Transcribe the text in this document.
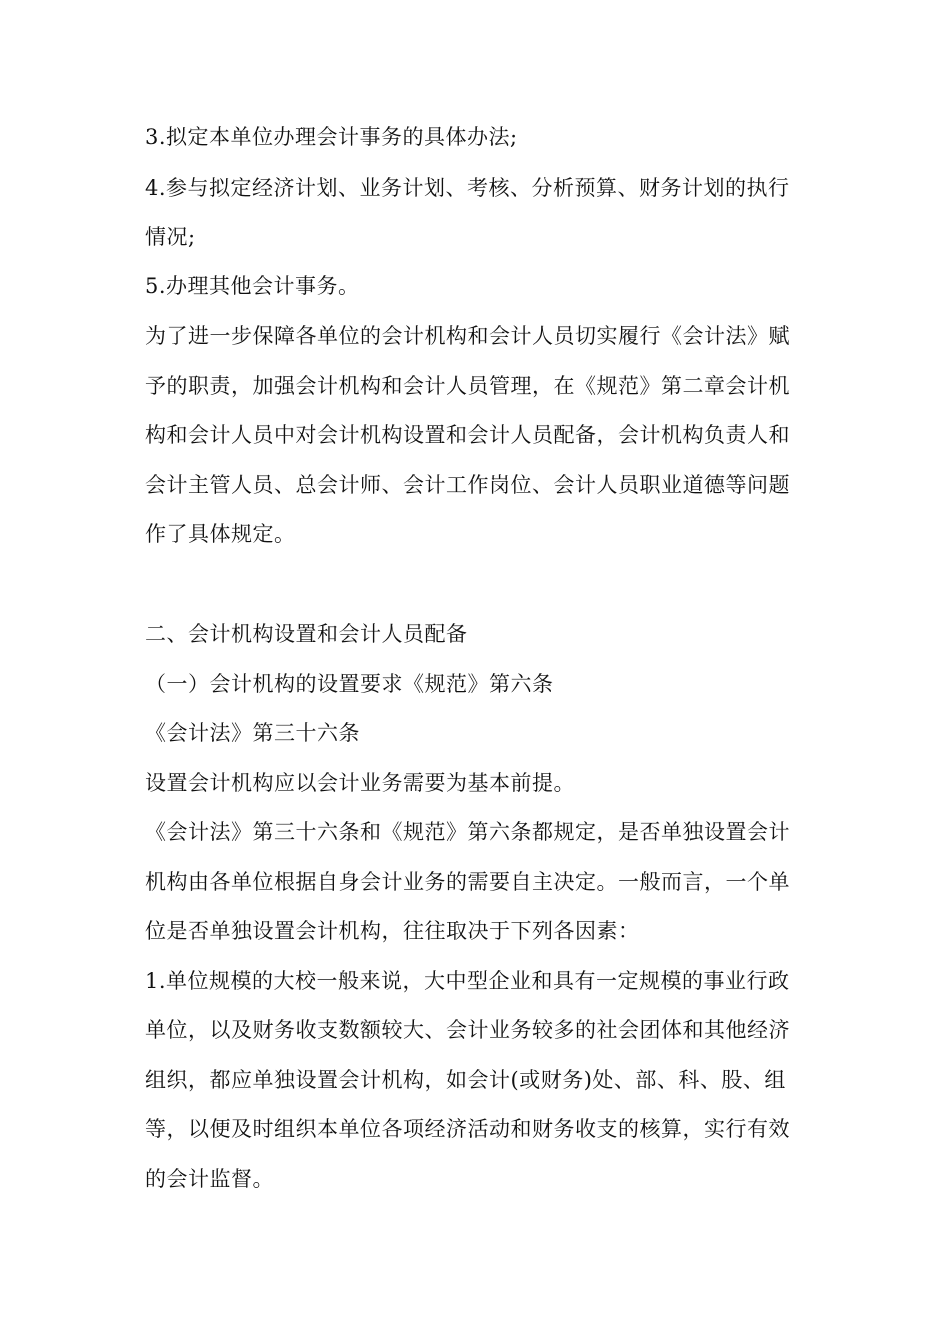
3.拟定本单位办理会计事务的具体办法;
4.参与拟定经济计划、业务计划、考核、分析预算、财务计划的执行
情况;
5.办理其他会计事务。
为了进一步保障各单位的会计机构和会计人员切实履行《会计法》赋
予的职责，加强会计机构和会计人员管理，在《规范》第二章会计机
构和会计人员中对会计机构设置和会计人员配备，会计机构负责人和
会计主管人员、总会计师、会计工作岗位、会计人员职业道德等问题
作了具体规定。
二、会计机构设置和会计人员配备
（一）会计机构的设置要求《规范》第六条
《会计法》第三十六条
设置会计机构应以会计业务需要为基本前提。
《会计法》第三十六条和《规范》第六条都规定，是否单独设置会计
机构由各单位根据自身会计业务的需要自主决定。一般而言，一个单
位是否单独设置会计机构，往往取决于下列各因素：
1.单位规模的大校一般来说，大中型企业和具有一定规模的事业行政
单位，以及财务收支数额较大、会计业务较多的社会团体和其他经济
组织，都应单独设置会计机构，如会计(或财务)处、部、科、股、组
等，以便及时组织本单位各项经济活动和财务收支的核算，实行有效
的会计监督。
